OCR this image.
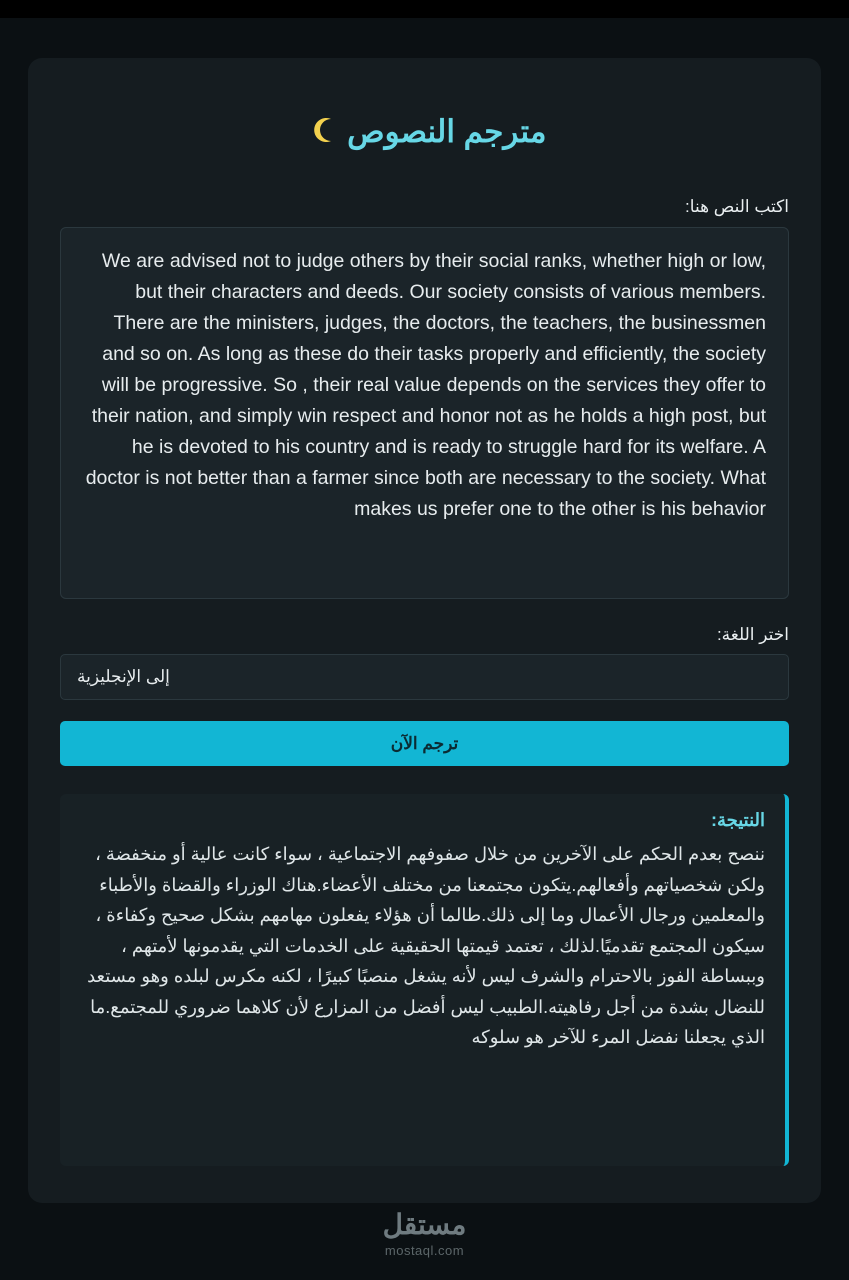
مترجم النصوص
اكتب النص هنا:
We are advised not to judge others by their social ranks, whether high or low, but their characters and deeds. Our society consists of various members. There are the ministers, judges, the doctors, the teachers, the businessmen and so on. As long as these do their tasks properly and efficiently, the society will be progressive. So , their real value depends on the services they offer to their nation, and simply win respect and honor not as he holds a high post, but he is devoted to his country and is ready to struggle hard for its welfare. A doctor is not better than a farmer since both are necessary to the society. What makes us prefer one to the other is his behavior
اختر اللغة:
إلى الإنجليزية
ترجم الآن
النتيجة:
ننصح بعدم الحكم على الآخرين من خلال صفوفهم الاجتماعية ، سواء كانت عالية أو منخفضة ، ولكن شخصياتهم وأفعالهم.يتكون مجتمعنا من مختلف الأعضاء.هناك الوزراء والقضاة والأطباء والمعلمين ورجال الأعمال وما إلى ذلك.طالما أن هؤلاء يفعلون مهامهم بشكل صحيح وكفاءة ، سيكون المجتمع تقدميًا.لذلك ، تعتمد قيمتها الحقيقية على الخدمات التي يقدمونها لأمتهم ، وببساطة الفوز بالاحترام والشرف ليس لأنه يشغل منصبًا كبيرًا ، لكنه مكرس لبلده وهو مستعد للنضال بشدة من أجل رفاهيته.الطبيب ليس أفضل من المزارع لأن كلاهما ضروري للمجتمع.ما الذي يجعلنا نفضل المرء للآخر هو سلوكه
مستقل
mostaql.com
